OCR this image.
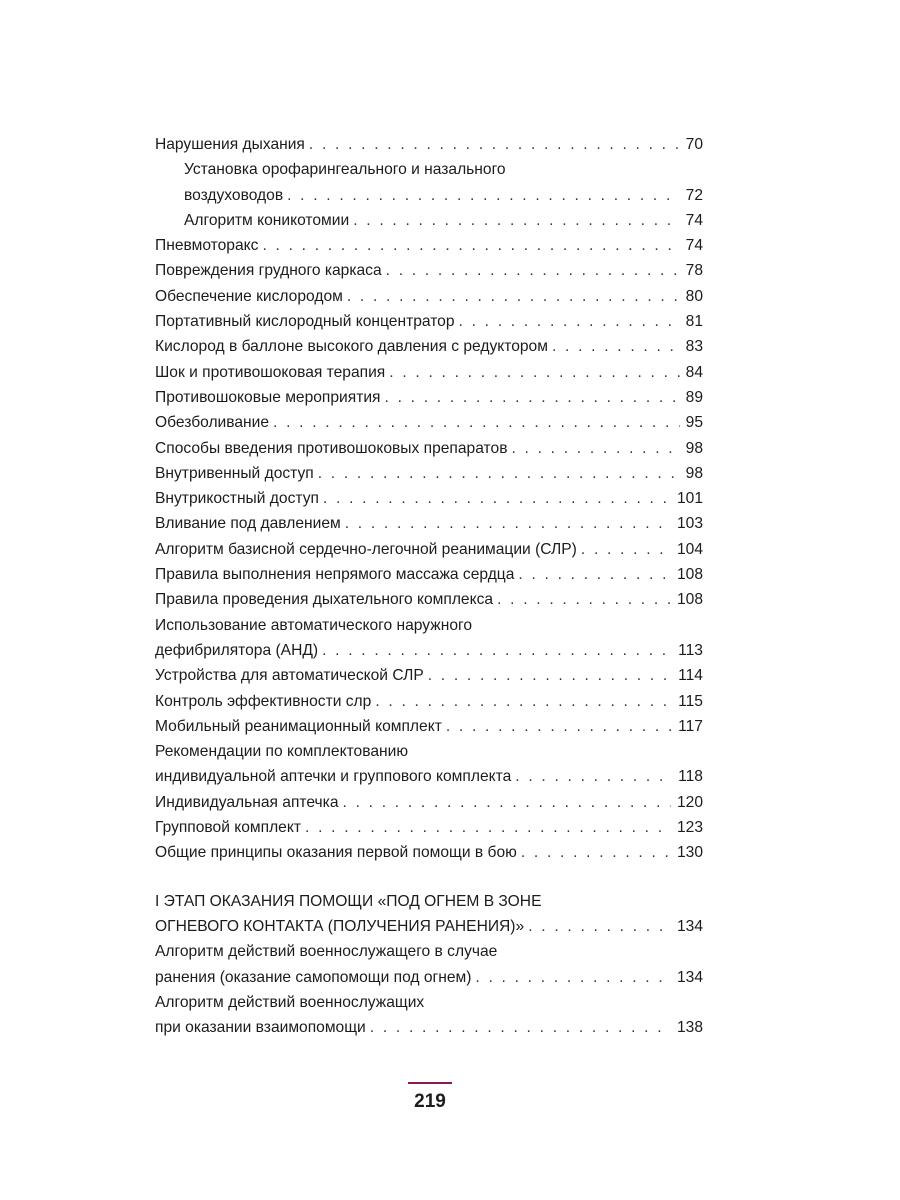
Нарушения дыхания . . .	70
Установка орофарингеального и назального
воздуховодов . . .	72
Алгоритм коникотомии . . .	74
Пневмоторакс . . .	74
Повреждения грудного каркаса . . .	78
Обеспечение кислородом . . .	80
Портативный кислородный концентратор . . .	81
Кислород в баллоне высокого давления с редуктором . . .	83
Шок и противошоковая терапия . . .	84
Противошоковые мероприятия . . .	89
Обезболивание . . .	95
Способы введения противошоковых препаратов . . .	98
Внутривенный доступ . . .	98
Внутрикостный доступ . . .	101
Вливание под давлением . . .	103
Алгоритм базисной сердечно-легочной реанимации (СЛР) . . .	104
Правила выполнения непрямого массажа сердца . . .	108
Правила проведения дыхательного комплекса . . .	108
Использование автоматического наружного
дефибрилятора (АНД) . . .	113
Устройства для автоматической СЛР . . .	114
Контроль эффективности слр . . .	115
Мобильный реанимационный комплект . . .	117
Рекомендации по комплектованию
индивидуальной аптечки и группового комплекта . . .	118
Индивидуальная аптечка . . .	120
Групповой комплект . . .	123
Общие принципы оказания первой помощи в бою . . .	130
I ЭТАП ОКАЗАНИЯ ПОМОЩИ «ПОД ОГНЕМ В ЗОНЕ
ОГНЕВОГО КОНТАКТА (ПОЛУЧЕНИЯ РАНЕНИЯ)» . . .	134
Алгоритм действий военнослужащего в случае
ранения (оказание самопомощи под огнем) . . .	134
Алгоритм действий военнослужащих
при оказании взаимопомощи . . .	138
219
